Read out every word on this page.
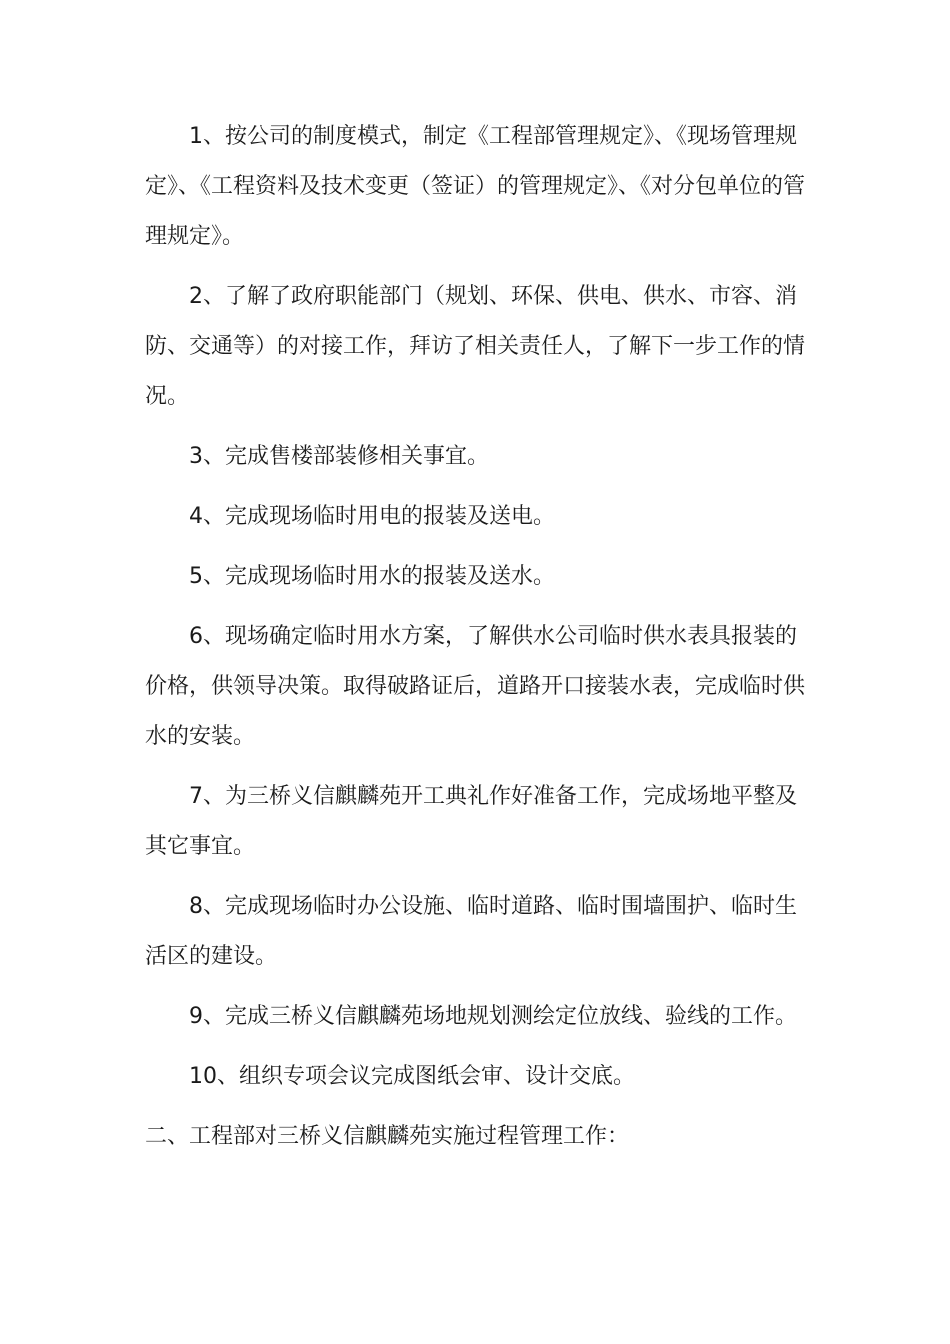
1、按公司的制度模式，制定《工程部管理规定》、《现场管理规定》、《工程资料及技术变更（签证）的管理规定》、《对分包单位的管理规定》。

2、了解了政府职能部门（规划、环保、供电、供水、市容、消防、交通等）的对接工作，拜访了相关责任人，了解下一步工作的情况。

3、完成售楼部装修相关事宜。

4、完成现场临时用电的报装及送电。

5、完成现场临时用水的报装及送水。

6、现场确定临时用水方案，了解供水公司临时供水表具报装的价格，供领导决策。取得破路证后，道路开口接装水表，完成临时供水的安装。

7、为三桥义信麒麟苑开工典礼作好准备工作，完成场地平整及其它事宜。

8、完成现场临时办公设施、临时道路、临时围墙围护、临时生活区的建设。

9、完成三桥义信麒麟苑场地规划测绘定位放线、验线的工作。

10、组织专项会议完成图纸会审、设计交底。

二、工程部对三桥义信麒麟苑实施过程管理工作：
